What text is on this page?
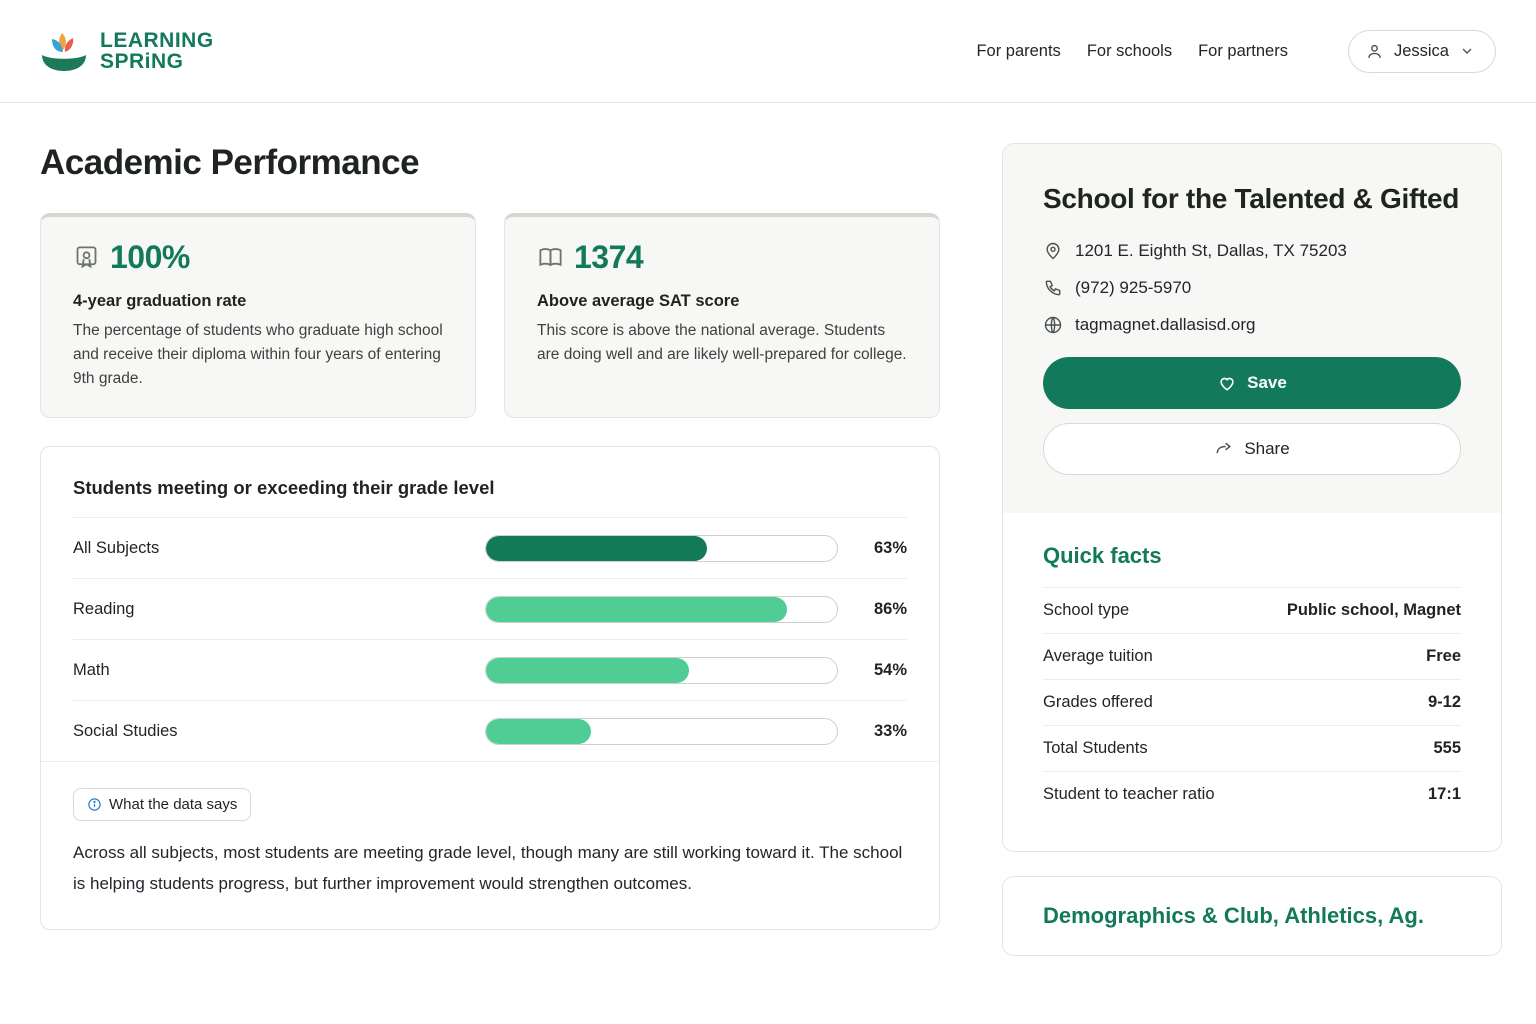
LEARNING
SPRiNG	For parents For schools For partners	Jessica
Academic Performance
100%
4-year graduation rate
The percentage of students who graduate high school and receive their diploma within four years of entering 9th grade.
1374
Above average SAT score
This score is above the national average. Students are doing well and are likely well-prepared for college.
Students meeting or exceeding their grade level
All Subjects	63%
Reading	86%
Math	54%
Social Studies	33%
What the data says
Across all subjects, most students are meeting grade level, though many are still working toward it. The school is helping students progress, but further improvement would strengthen outcomes.
School for the Talented & Gifted
1201 E. Eighth St, Dallas, TX 75203
(972) 925-5970
tagmagnet.dallasisd.org
Save
Share
Quick facts
School type	Public school, Magnet
Average tuition	Free
Grades offered	9-12
Total Students	555
Student to teacher ratio	17:1
Demographics & Club, Athletics, Ag.
